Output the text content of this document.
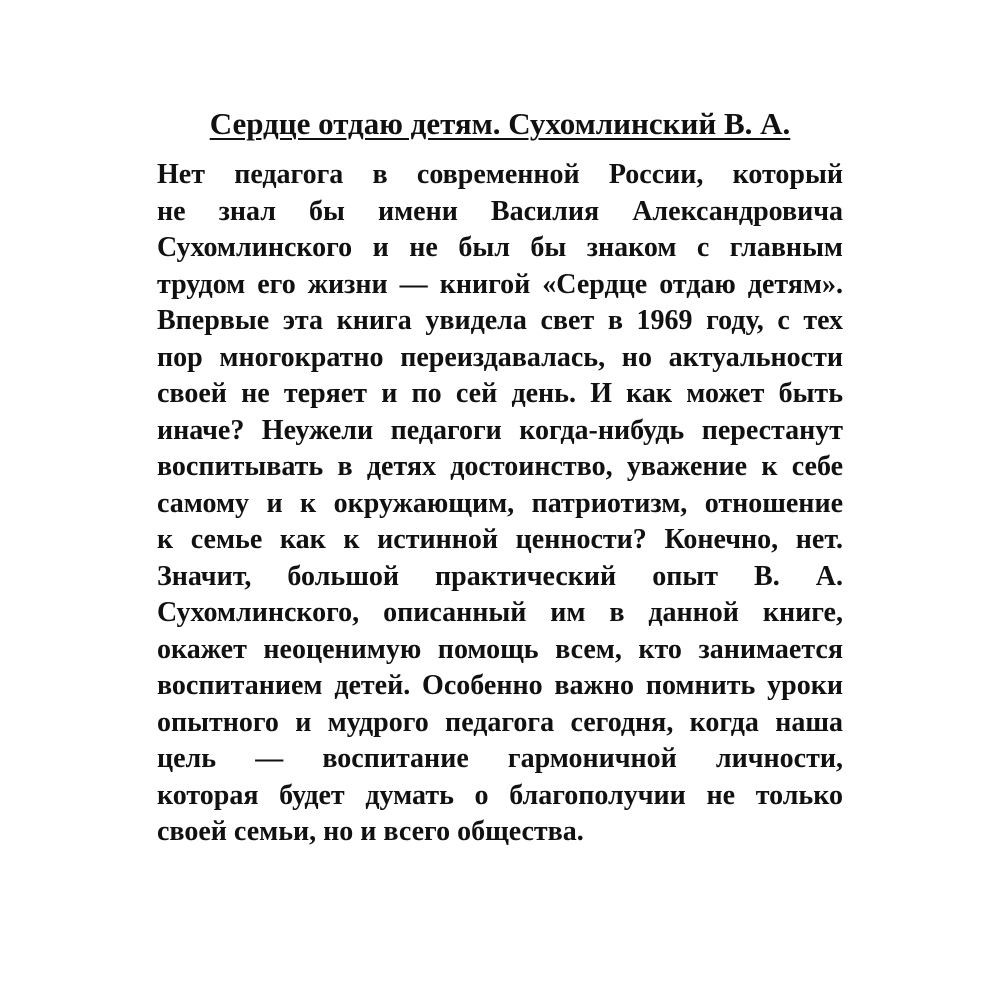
Сердце отдаю детям. Сухомлинский В. А.
Нет педагога в современной России, который
не знал бы имени Василия Александровича
Сухомлинского и не был бы знаком с главным
трудом его жизни — книгой «Сердце отдаю детям».
Впервые эта книга увидела свет в 1969 году, с тех
пор многократно переиздавалась, но актуальности
своей не теряет и по сей день. И как может быть
иначе? Неужели педагоги когда-нибудь перестанут
воспитывать в детях достоинство, уважение к себе
самому и к окружающим, патриотизм, отношение
к семье как к истинной ценности? Конечно, нет.
Значит, большой практический опыт В. А.
Сухомлинского, описанный им в данной книге,
окажет неоценимую помощь всем, кто занимается
воспитанием детей. Особенно важно помнить уроки
опытного и мудрого педагога сегодня, когда наша
цель — воспитание гармоничной личности,
которая будет думать о благополучии не только
своей семьи, но и всего общества.
